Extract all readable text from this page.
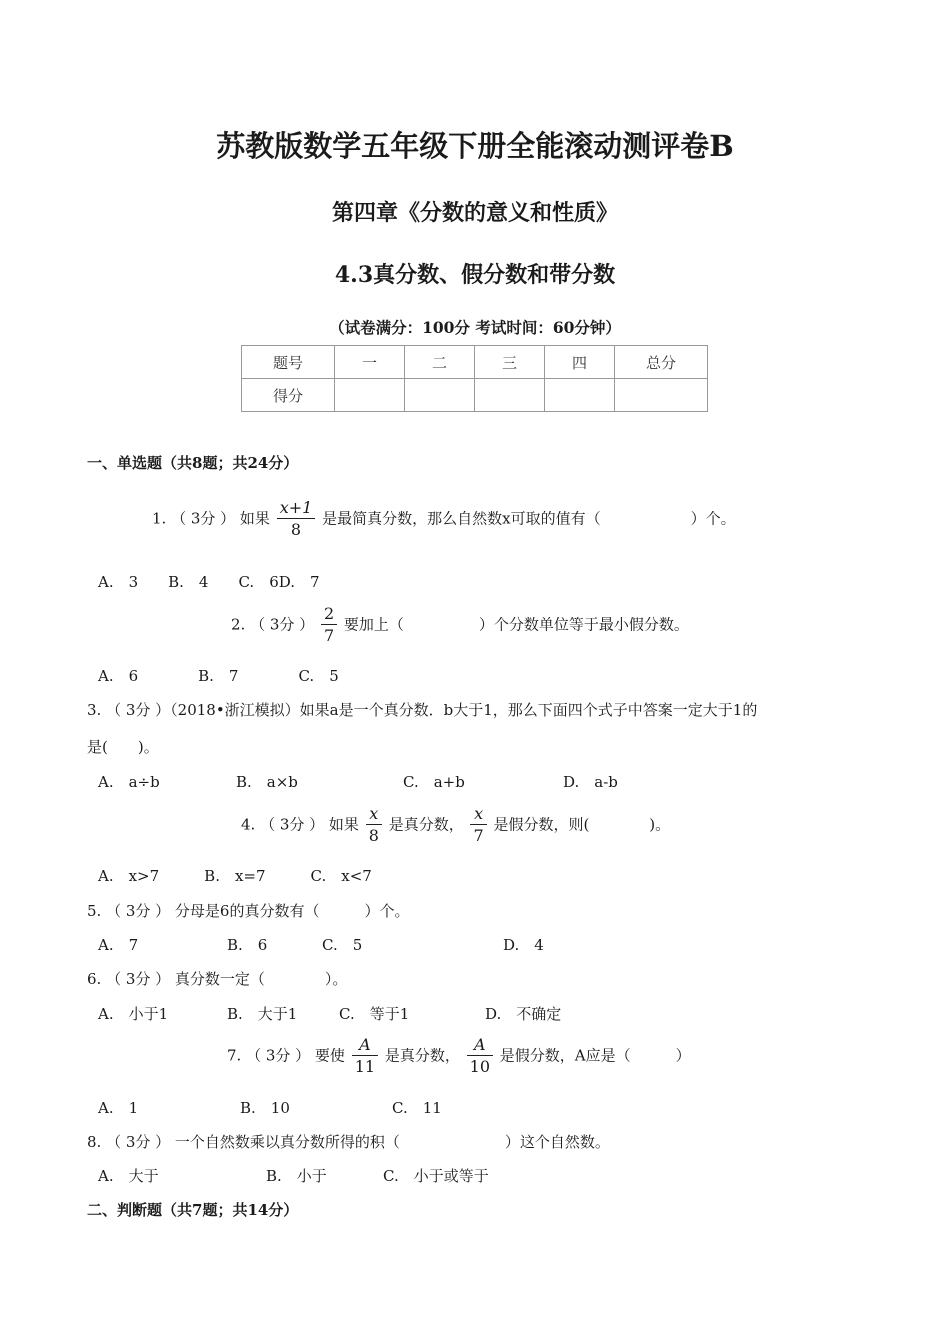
苏教版数学五年级下册全能滚动测评卷B
第四章《分数的意义和性质》
4.3真分数、假分数和带分数
（试卷满分：100分 考试时间：60分钟）
题号	一	二	三	四	总分
得分					
一、单选题（共8题；共24分）
1. （ 3分 ） 如果 $\frac{x+1}{8}$ 是最简真分数，那么自然数x可取的值有（　　　　　　）个。
A.　3　　B.　4　　C.　6D.　7
2. （ 3分 ） $\frac{2}{7}$ 要加上（　　　　　）个分数单位等于最小假分数。
A.　6　　　　B.　7　　　　C.　5
3. （ 3分 ）（2018•浙江模拟）如果a是一个真分数．b大于1，那么下面四个式子中答案一定大于1的
是(　　)。
A.　a÷b	B.　a×b	C.　a+b	D.　a-b
4. （ 3分 ） 如果 $\frac{x}{8}$ 是真分数， $\frac{x}{7}$ 是假分数，则(　　　　)。
A.　x>7　　　B.　x=7　　　C.　x<7
5. （ 3分 ） 分母是6的真分数有（　　　）个。
A.　7	B.　6	C.　5	D.　4
6. （ 3分 ） 真分数一定（　　　　）。
A.　小于1	B.　大于1	C.　等于1	D.　不确定
7. （ 3分 ） 要使 $\frac{A}{11}$ 是真分数， $\frac{A}{10}$ 是假分数，A应是（　　　）
A.　1	B.　10	C.　11
8. （ 3分 ） 一个自然数乘以真分数所得的积（　　　　　　　）这个自然数。
A.　大于	B.　小于	C.　小于或等于
二、判断题（共7题；共14分）
